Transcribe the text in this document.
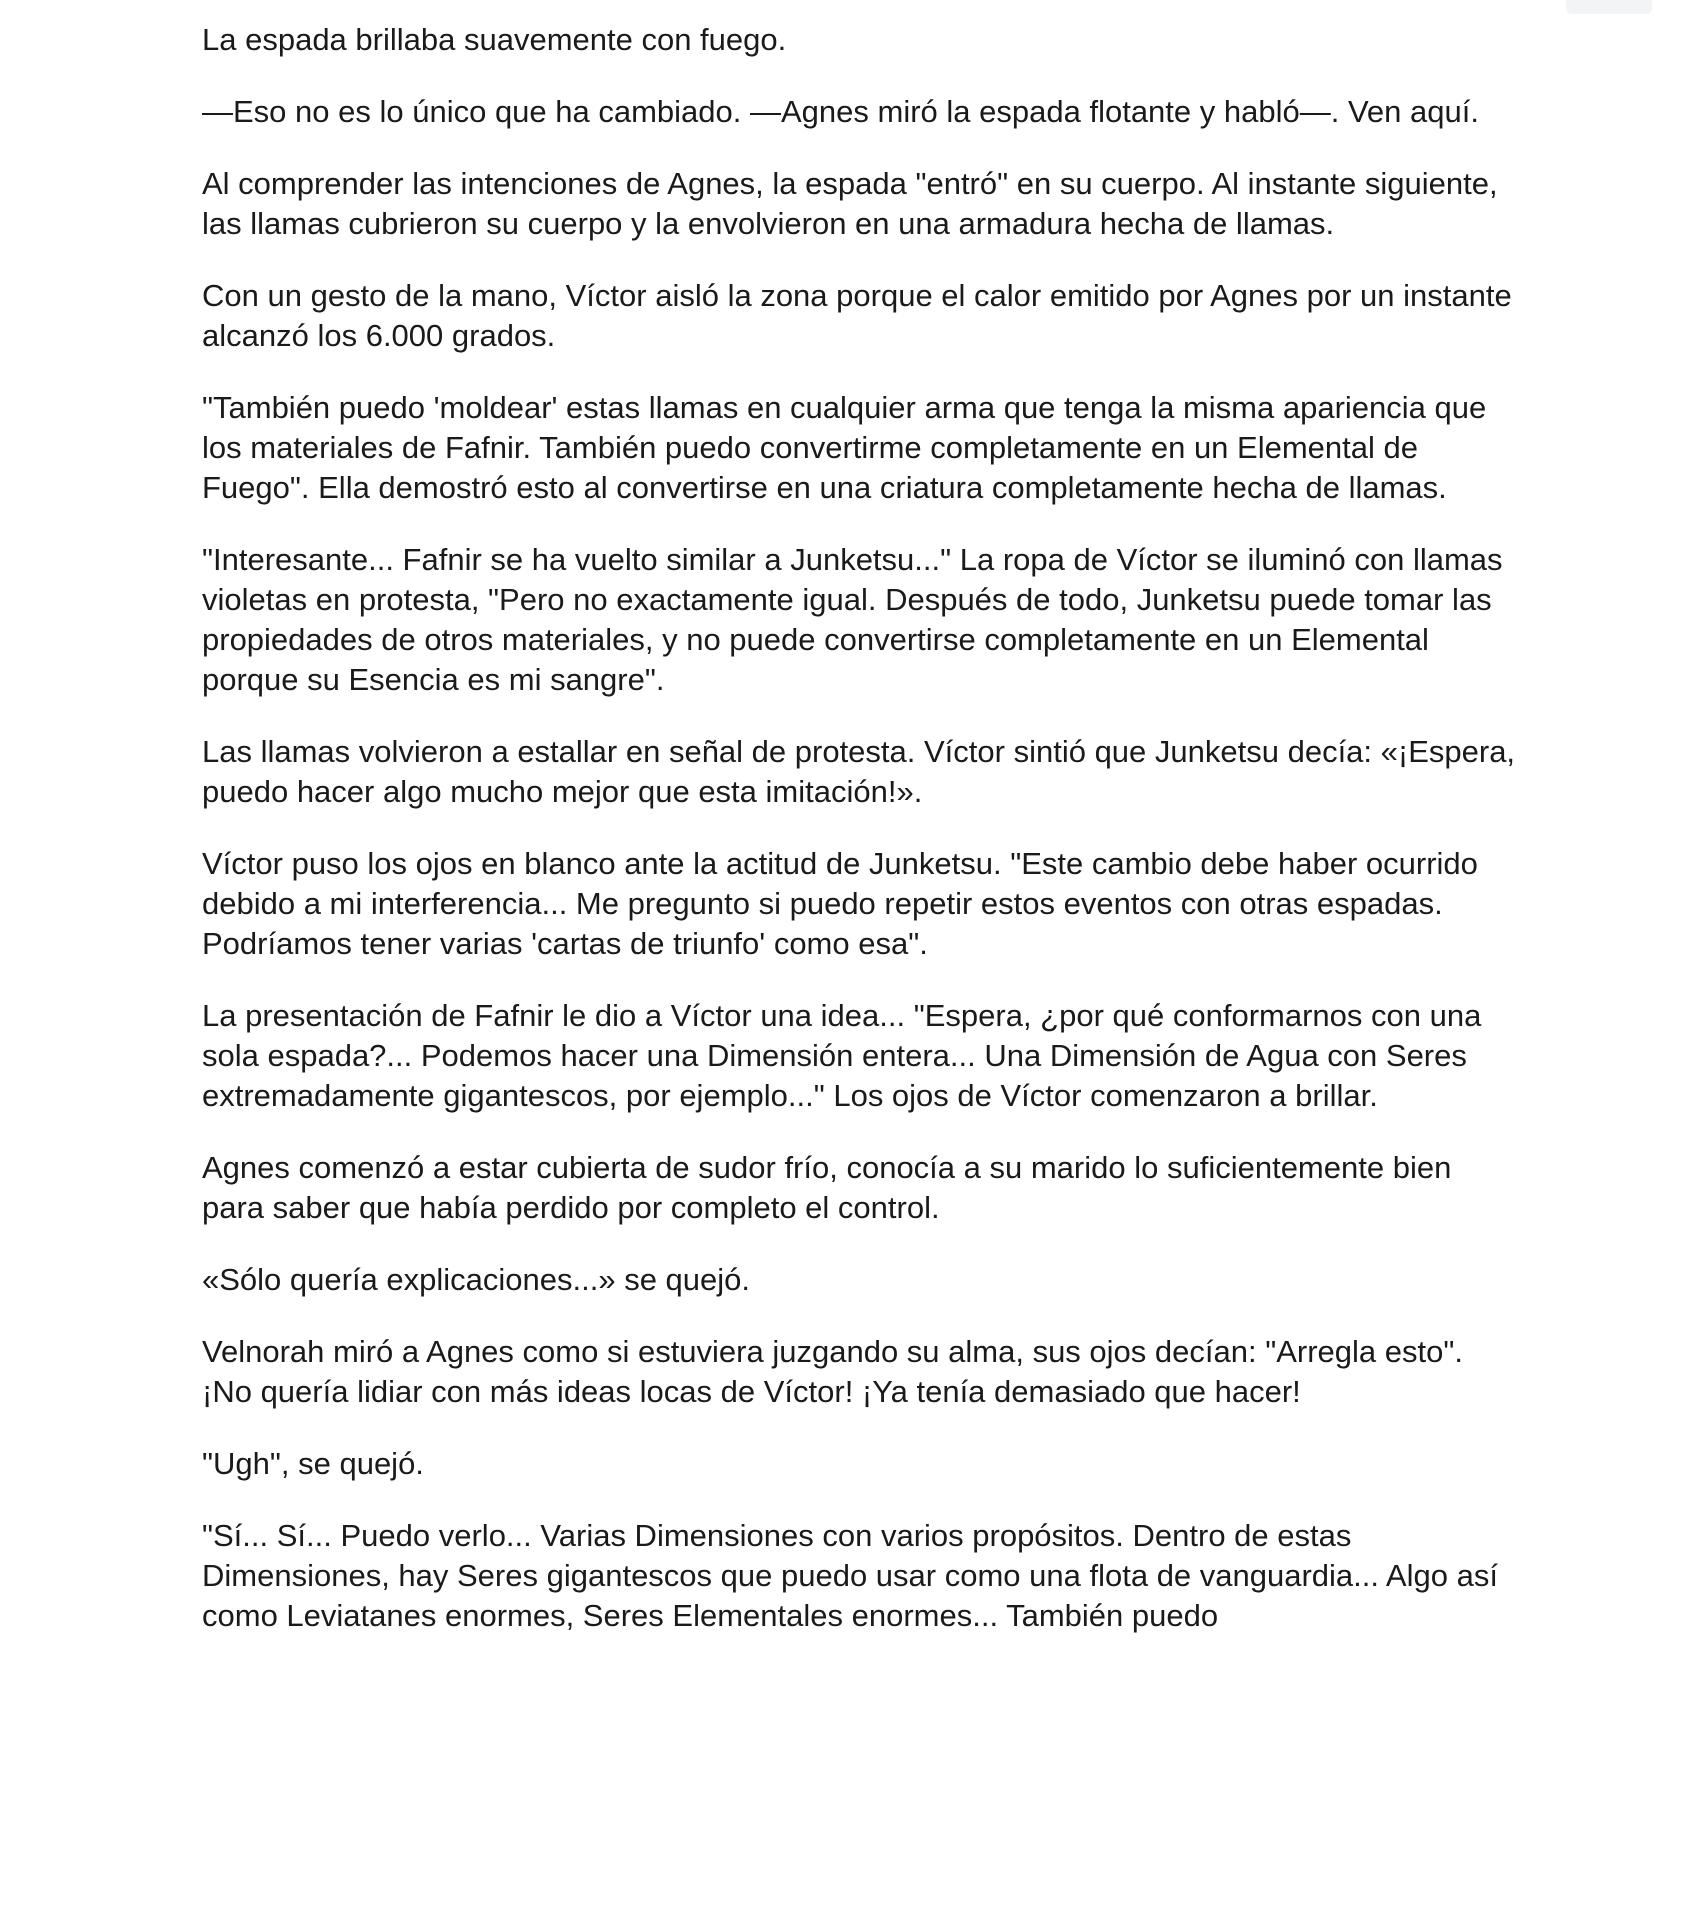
La espada brillaba suavemente con fuego.

—Eso no es lo único que ha cambiado. —Agnes miró la espada flotante y habló—. Ven aquí.

Al comprender las intenciones de Agnes, la espada "entró" en su cuerpo. Al instante siguiente, las llamas cubrieron su cuerpo y la envolvieron en una armadura hecha de llamas.

Con un gesto de la mano, Víctor aisló la zona porque el calor emitido por Agnes por un instante alcanzó los 6.000 grados.

"También puedo 'moldear' estas llamas en cualquier arma que tenga la misma apariencia que los materiales de Fafnir. También puedo convertirme completamente en un Elemental de Fuego". Ella demostró esto al convertirse en una criatura completamente hecha de llamas.

"Interesante... Fafnir se ha vuelto similar a Junketsu..." La ropa de Víctor se iluminó con llamas violetas en protesta, "Pero no exactamente igual. Después de todo, Junketsu puede tomar las propiedades de otros materiales, y no puede convertirse completamente en un Elemental porque su Esencia es mi sangre".

Las llamas volvieron a estallar en señal de protesta. Víctor sintió que Junketsu decía: «¡Espera, puedo hacer algo mucho mejor que esta imitación!».

Víctor puso los ojos en blanco ante la actitud de Junketsu. "Este cambio debe haber ocurrido debido a mi interferencia... Me pregunto si puedo repetir estos eventos con otras espadas. Podríamos tener varias 'cartas de triunfo' como esa".

La presentación de Fafnir le dio a Víctor una idea... "Espera, ¿por qué conformarnos con una sola espada?... Podemos hacer una Dimensión entera... Una Dimensión de Agua con Seres extremadamente gigantescos, por ejemplo..." Los ojos de Víctor comenzaron a brillar.

Agnes comenzó a estar cubierta de sudor frío, conocía a su marido lo suficientemente bien para saber que había perdido por completo el control.

«Sólo quería explicaciones...» se quejó.

Velnorah miró a Agnes como si estuviera juzgando su alma, sus ojos decían: "Arregla esto". ¡No quería lidiar con más ideas locas de Víctor! ¡Ya tenía demasiado que hacer!

"Ugh", se quejó.

"Sí... Sí... Puedo verlo... Varias Dimensiones con varios propósitos. Dentro de estas Dimensiones, hay Seres gigantescos que puedo usar como una flota de vanguardia... Algo así como Leviatanes enormes, Seres Elementales enormes... También puedo
